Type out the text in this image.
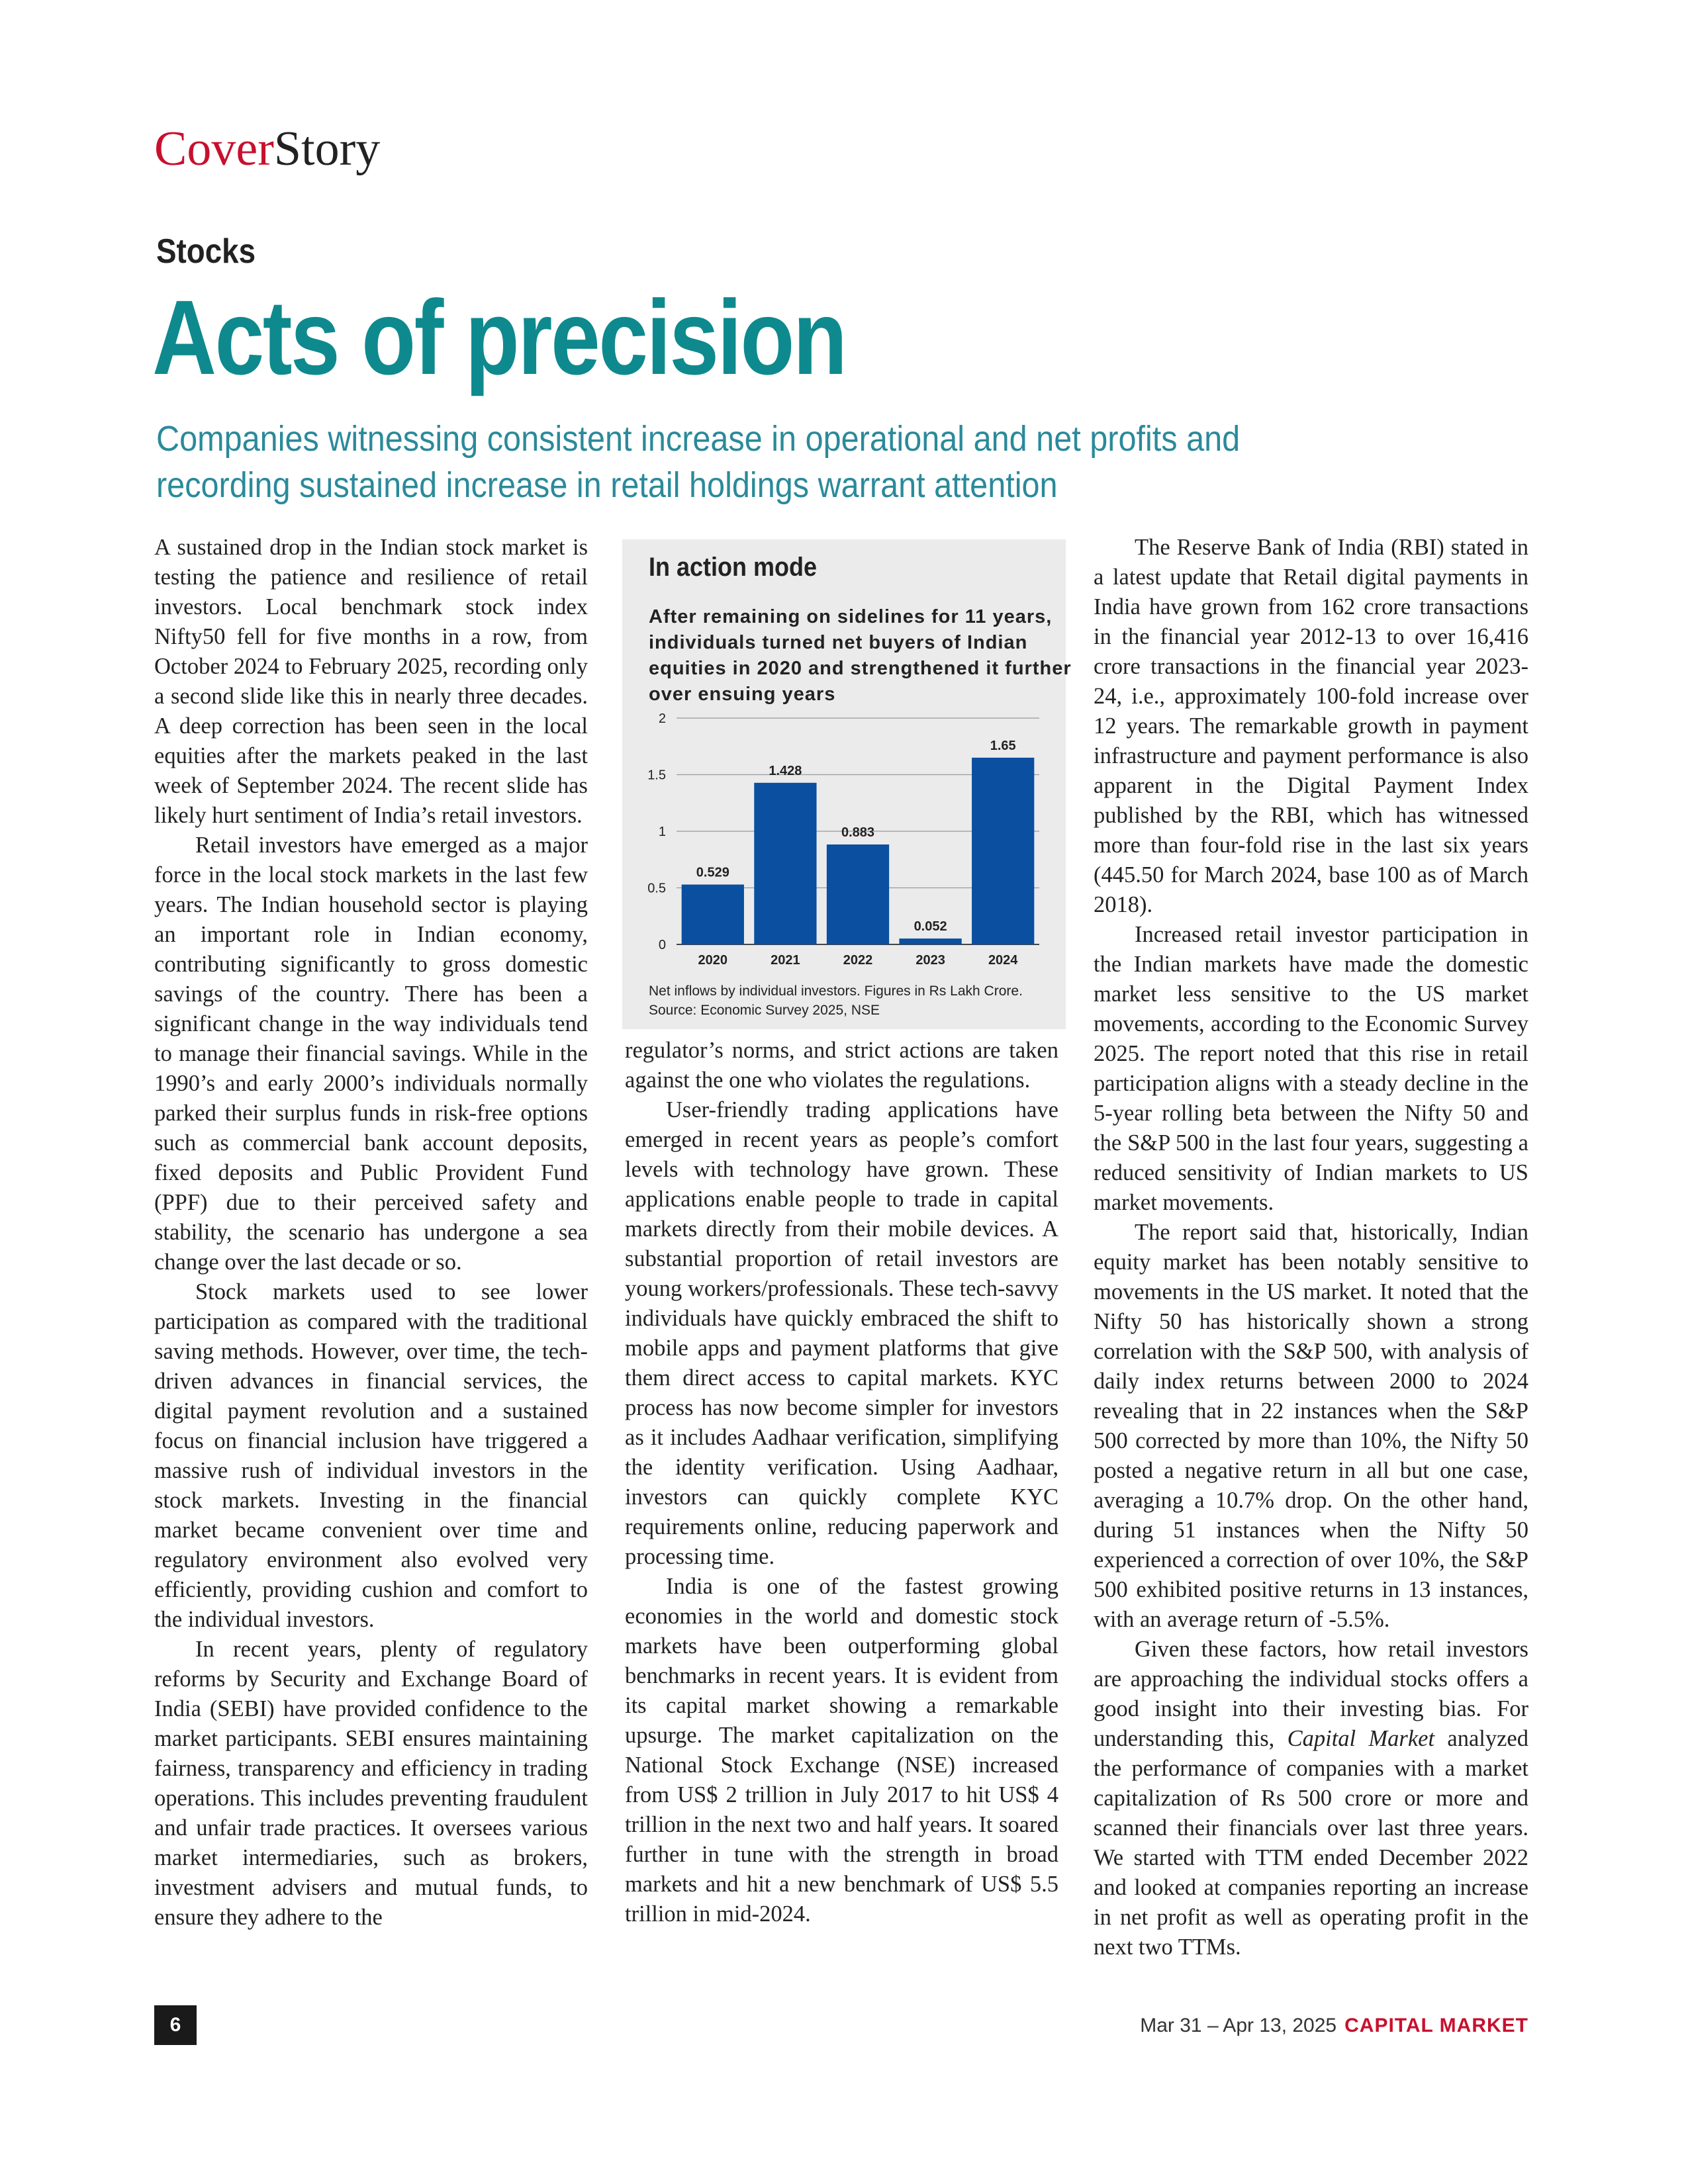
CoverStory
Stocks
Acts of precision
Companies witnessing consistent increase in operational and net profits and recording sustained increase in retail holdings warrant attention

A sustained drop in the Indian stock market is testing the patience and resilience of retail investors. Local benchmark stock index Nifty50 fell for five months in a row, from October 2024 to February 2025, recording only a second slide like this in nearly three decades. A deep correction has been seen in the local equities after the markets peaked in the last week of September 2024. The recent slide has likely hurt sentiment of India’s retail investors.

Retail investors have emerged as a major force in the local stock markets in the last few years. The Indian household sector is playing an important role in Indian economy, contributing significantly to gross domestic savings of the country. There has been a significant change in the way individuals tend to manage their financial savings. While in the 1990’s and early 2000’s individuals normally parked their surplus funds in risk-free options such as commercial bank account deposits, fixed deposits and Public Provident Fund (PPF) due to their perceived safety and stability, the scenario has undergone a sea change over the last decade or so.

Stock markets used to see lower participation as compared with the traditional saving methods. However, over time, the tech-driven advances in financial services, the digital payment revolution and a sustained focus on financial inclusion have triggered a massive rush of individual investors in the stock markets. Investing in the financial market became convenient over time and regulatory environment also evolved very efficiently, providing cushion and comfort to the individual investors.

In recent years, plenty of regulatory reforms by Security and Exchange Board of India (SEBI) have provided confidence to the market participants. SEBI ensures maintaining fairness, transparency and efficiency in trading operations. This includes preventing fraudulent and unfair trade practices. It oversees various market intermediaries, such as brokers, investment advisers and mutual funds, to ensure they adhere to the

In action mode
After remaining on sidelines for 11 years, individuals turned net buyers of Indian equities in 2020 and strengthened it further over ensuing years
0
0.5
1
1.5
2
0.529
2020
1.428
2021
0.883
2022
0.052
2023
1.65
2024
Net inflows by individual investors. Figures in Rs Lakh Crore.
Source: Economic Survey 2025, NSE

regulator’s norms, and strict actions are taken against the one who violates the regulations.

User-friendly trading applications have emerged in recent years as people’s comfort levels with technology have grown. These applications enable people to trade in capital markets directly from their mobile devices. A substantial proportion of retail investors are young workers/professionals. These tech-savvy individuals have quickly embraced the shift to mobile apps and payment platforms that give them direct access to capital markets. KYC process has now become simpler for investors as it includes Aadhaar verification, simplifying the identity verification. Using Aadhaar, investors can quickly complete KYC requirements online, reducing paperwork and processing time.

India is one of the fastest growing economies in the world and domestic stock markets have been outperforming global benchmarks in recent years. It is evident from its capital market showing a remarkable upsurge. The market capitalization on the National Stock Exchange (NSE) increased from US$ 2 trillion in July 2017 to hit US$ 4 trillion in the next two and half years. It soared further in tune with the strength in broad markets and hit a new benchmark of US$ 5.5 trillion in mid-2024.

The Reserve Bank of India (RBI) stated in a latest update that Retail digital payments in India have grown from 162 crore transactions in the financial year 2012-13 to over 16,416 crore transactions in the financial year 2023-24, i.e., approximately 100-fold increase over 12 years. The remarkable growth in payment infrastructure and payment performance is also apparent in the Digital Payment Index published by the RBI, which has witnessed more than four-fold rise in the last six years (445.50 for March 2024, base 100 as of March 2018).

Increased retail investor participation in the Indian markets have made the domestic market less sensitive to the US market movements, according to the Economic Survey 2025. The report noted that this rise in retail participation aligns with a steady decline in the 5-year rolling beta between the Nifty 50 and the S&P 500 in the last four years, suggesting a reduced sensitivity of Indian markets to US market movements.

The report said that, historically, Indian equity market has been notably sensitive to movements in the US market. It noted that the Nifty 50 has historically shown a strong correlation with the S&P 500, with analysis of daily index returns between 2000 to 2024 revealing that in 22 instances when the S&P 500 corrected by more than 10%, the Nifty 50 posted a negative return in all but one case, averaging a 10.7% drop. On the other hand, during 51 instances when the Nifty 50 experienced a correction of over 10%, the S&P 500 exhibited positive returns in 13 instances, with an average return of -5.5%.

Given these factors, how retail investors are approaching the individual stocks offers a good insight into their investing bias. For understanding this, Capital Market analyzed the performance of companies with a market capitalization of Rs 500 crore or more and scanned their financials over last three years. We started with TTM ended December 2022 and looked at companies reporting an increase in net profit as well as operating profit in the next two TTMs.

6	Mar 31 – Apr 13, 2025 CAPITAL MARKET
